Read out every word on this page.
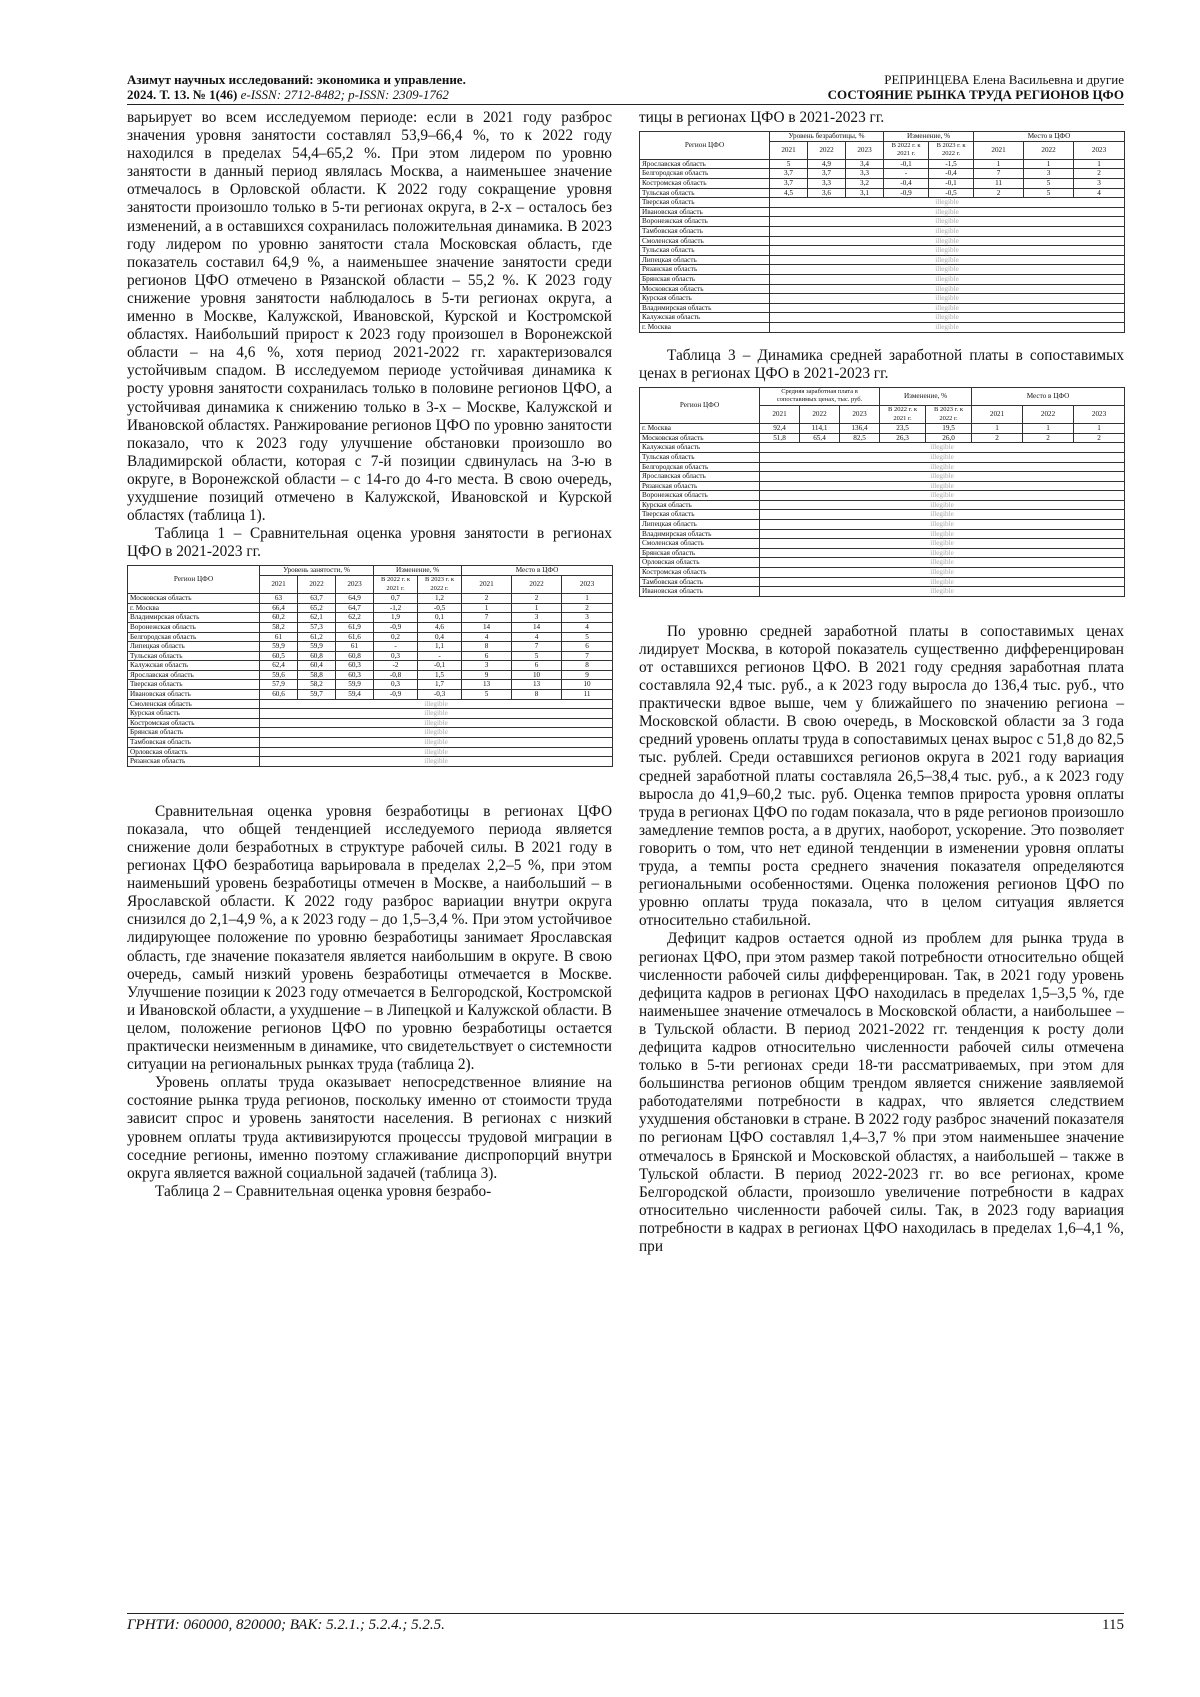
Азимут научных исследований: экономика и управление.
2024. Т. 13. № 1(46) e-ISSN: 2712-8482; p-ISSN: 2309-1762
РЕПРИНЦЕВА Елена Васильевна и другие
СОСТОЯНИЕ РЫНКА ТРУДА РЕГИОНОВ ЦФО

варьирует во всем исследуемом периоде: если в 2021 году разброс значения уровня занятости составлял 53,9–66,4 %, то к 2022 году находился в пределах 54,4–65,2 %. При этом лидером по уровню занятости в данный период являлась Москва, а наименьшее значение отмечалось в Орловской области. К 2022 году сокращение уровня занятости произошло только в 5-ти регионах округа, в 2-х – осталось без изменений, а в оставшихся сохранилась положительная динамика. В 2023 году лидером по уровню занятости стала Московская область, где показатель составил 64,9 %, а наименьшее значение занятости среди регионов ЦФО отмечено в Рязанской области – 55,2 %. К 2023 году снижение уровня занятости наблюдалось в 5-ти регионах округа, а именно в Москве, Калужской, Ивановской, Курской и Костромской областях. Наибольший прирост к 2023 году произошел в Воронежской области – на 4,6 %, хотя период 2021-2022 гг. характеризовался устойчивым спадом. В исследуемом периоде устойчивая динамика к росту уровня занятости сохранилась только в половине регионов ЦФО, а устойчивая динамика к снижению только в 3-х – Москве, Калужской и Ивановской областях. Ранжирование регионов ЦФО по уровню занятости показало, что к 2023 году улучшение обстановки произошло во Владимирской области, которая с 7-й позиции сдвинулась на 3-ю в округе, в Воронежской области – с 14-го до 4-го места. В свою очередь, ухудшение позиций отмечено в Калужской, Ивановской и Курской областях (таблица 1).

Таблица 1 – Сравнительная оценка уровня занятости в регионах ЦФО в 2021-2023 гг.

Регион ЦФО	Уровень занятости, %			Изменение, %		Место в ЦФО		
	2021	2022	2023	В 2022 г. к 2021 г.	В 2023 г. к 2022 г.	2021	2022	2023
Московская область	63	63,7	64,9	0,7	1,2	2	2	1
г. Москва	66,4	65,2	64,7	-1,2	-0,5	1	1	2
Владимирская область	60,2	62,1	62,2	1,9	0,1	7	3	3
Воронежская область	58,2	57,3	61,9	-0,9	4,6	14	14	4
Белгородская область	61	61,2	61,6	0,2	0,4	4	4	5
Липецкая область	59,9	59,9	61	-	1,1	8	7	6
Тульская область	60,5	60,8	60,8	0,3	-	6	5	7
Калужская область	62,4	60,4	60,3	-2	-0,1	3	6	8
Ярославская область	59,6	58,8	60,3	-0,8	1,5	9	10	9
Тверская область	57,9	58,2	59,9	0,3	1,7	13	13	10
Ивановская область	60,6	59,7	59,4	-0,9	-0,3	5	8	11
Смоленская область	illegible							
Курская область	illegible							
Костромская область	illegible							
Брянская область	illegible							
Тамбовская область	illegible							
Орловская область	illegible							
Рязанская область	illegible							

Сравнительная оценка уровня безработицы в регионах ЦФО показала, что общей тенденцией исследуемого периода является снижение доли безработных в структуре рабочей силы. В 2021 году в регионах ЦФО безработица варьировала в пределах 2,2–5 %, при этом наименьший уровень безработицы отмечен в Москве, а наибольший – в Ярославской области. К 2022 году разброс вариации внутри округа снизился до 2,1–4,9 %, а к 2023 году – до 1,5–3,4 %. При этом устойчивое лидирующее положение по уровню безработицы занимает Ярославская область, где значение показателя является наибольшим в округе. В свою очередь, самый низкий уровень безработицы отмечается в Москве. Улучшение позиции к 2023 году отмечается в Белгородской, Костромской и Ивановской области, а ухудшение – в Липецкой и Калужской области. В целом, положение регионов ЦФО по уровню безработицы остается практически неизменным в динамике, что свидетельствует о системности ситуации на региональных рынках труда (таблица 2).

Уровень оплаты труда оказывает непосредственное влияние на состояние рынка труда регионов, поскольку именно от стоимости труда зависит спрос и уровень занятости населения. В регионах с низкий уровнем оплаты труда активизируются процессы трудовой миграции в соседние регионы, именно поэтому сглаживание диспропорций внутри округа является важной социальной задачей (таблица 3).

Таблица 2 – Сравнительная оценка уровня безрабо-

тицы в регионах ЦФО в 2021-2023 гг.

Регион ЦФО	Уровень безработицы, %			Изменение, %		Место в ЦФО		
	2021	2022	2023	В 2022 г. к 2021 г.	В 2023 г. к 2022 г.	2021	2022	2023
Ярославская область	5	4,9	3,4	-0,1	-1,5	1	1	1
Белгородская область	3,7	3,7	3,3	-	-0,4	7	3	2
Костромская область	3,7	3,3	3,2	-0,4	-0,1	11	5	3
Тульская область	4,5	3,6	3,1	-0,9	-0,5	2	5	4
Тверская область	illegible							
Ивановская область	illegible							
Воронежская область	illegible							
Тамбовская область	illegible							
Смоленская область	illegible							
Тульская область	illegible							
Липецкая область	illegible							
Рязанская область	illegible							
Брянская область	illegible							
Московская область	illegible							
Курская область	illegible							
Владимирская область	illegible							
Калужская область	illegible							
г. Москва	illegible							

Таблица 3 – Динамика средней заработной платы в сопоставимых ценах в регионах ЦФО в 2021-2023 гг.

Регион ЦФО	Средняя заработная плата в сопоставимых ценах, тыс. руб.			Изменение, %		Место в ЦФО		
	2021	2022	2023	В 2022 г. к 2021 г.	В 2023 г. к 2022 г.	2021	2022	2023
г. Москва	92,4	114,1	136,4	23,5	19,5	1	1	1
Московская область	51,8	65,4	82,5	26,3	26,0	2	2	2
Калужская область	illegible							
Тульская область	illegible							
Белгородская область	illegible							
Ярославская область	illegible							
Рязанская область	illegible							
Воронежская область	illegible							
Курская область	illegible							
Тверская область	illegible							
Липецкая область	illegible							
Владимирская область	illegible							
Смоленская область	illegible							
Брянская область	illegible							
Орловская область	illegible							
Костромская область	illegible							
Тамбовская область	illegible							
Ивановская область	illegible							

По уровню средней заработной платы в сопоставимых ценах лидирует Москва, в которой показатель существенно дифференцирован от оставшихся регионов ЦФО. В 2021 году средняя заработная плата составляла 92,4 тыс. руб., а к 2023 году выросла до 136,4 тыс. руб., что практически вдвое выше, чем у ближайшего по значению региона – Московской области. В свою очередь, в Московской области за 3 года средний уровень оплаты труда в сопоставимых ценах вырос с 51,8 до 82,5 тыс. рублей. Среди оставшихся регионов округа в 2021 году вариация средней заработной платы составляла 26,5–38,4 тыс. руб., а к 2023 году выросла до 41,9–60,2 тыс. руб. Оценка темпов прироста уровня оплаты труда в регионах ЦФО по годам показала, что в ряде регионов произошло замедление темпов роста, а в других, наоборот, ускорение. Это позволяет говорить о том, что нет единой тенденции в изменении уровня оплаты труда, а темпы роста среднего значения показателя определяются региональными особенностями. Оценка положения регионов ЦФО по уровню оплаты труда показала, что в целом ситуация является относительно стабильной.

Дефицит кадров остается одной из проблем для рынка труда в регионах ЦФО, при этом размер такой потребности относительно общей численности рабочей силы дифференцирован. Так, в 2021 году уровень дефицита кадров в регионах ЦФО находилась в пределах 1,5–3,5 %, где наименьшее значение отмечалось в Московской области, а наибольшее – в Тульской области. В период 2021-2022 гг. тенденция к росту доли дефицита кадров относительно численности рабочей силы отмечена только в 5-ти регионах среди 18-ти рассматриваемых, при этом для большинства регионов общим трендом является снижение заявляемой работодателями потребности в кадрах, что является следствием ухудшения обстановки в стране. В 2022 году разброс значений показателя по регионам ЦФО составлял 1,4–3,7 % при этом наименьшее значение отмечалось в Брянской и Московской областях, а наибольшей – также в Тульской области. В период 2022-2023 гг. во все регионах, кроме Белгородской области, произошло увеличение потребности в кадрах относительно численности рабочей силы. Так, в 2023 году вариация потребности в кадрах в регионах ЦФО находилась в пределах 1,6–4,1 %, при

ГРНТИ: 060000, 820000; ВАК: 5.2.1.; 5.2.4.; 5.2.5.	115
